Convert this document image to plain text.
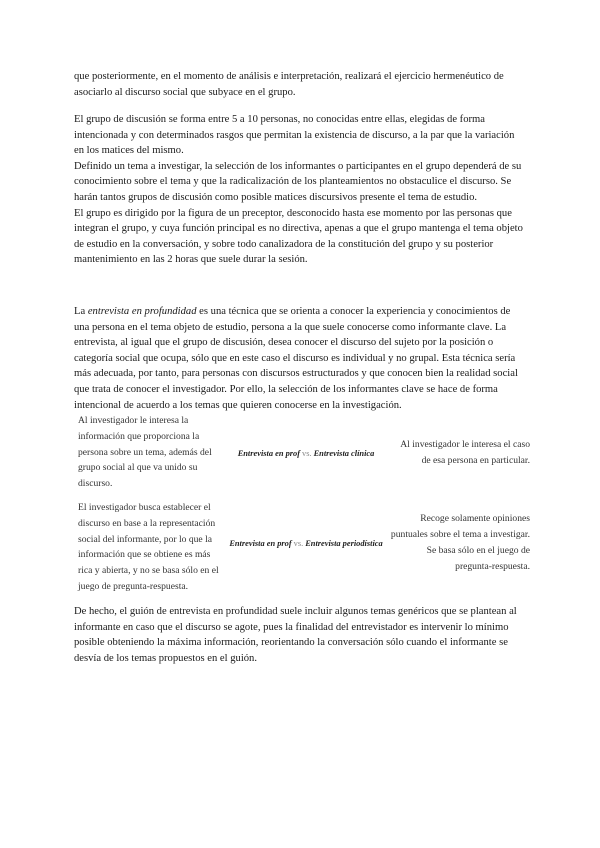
que posteriormente, en el momento de análisis e interpretación, realizará el ejercicio hermenéutico de asociarlo al discurso social que subyace en el grupo.

El grupo de discusión se forma entre 5 a 10 personas, no conocidas entre ellas, elegidas de forma intencionada y con determinados rasgos que permitan la existencia de discurso, a la par que la variación en los matices del mismo.

Definido un tema a investigar, la selección de los informantes o participantes en el grupo dependerá de su conocimiento sobre el tema y que la radicalización de los planteamientos no obstaculice el discurso. Se harán tantos grupos de discusión como posible matices discursivos presente el tema de estudio.

El grupo es dirigido por la figura de un preceptor, desconocido hasta ese momento por las personas que integran el grupo, y cuya función principal es no directiva, apenas a que el grupo mantenga el tema objeto de estudio en la conversación, y sobre todo canalizadora de la constitución del grupo y su posterior mantenimiento en las 2 horas que suele durar la sesión.

La entrevista en profundidad es una técnica que se orienta a conocer la experiencia y conocimientos de una persona en el tema objeto de estudio, persona a la que suele conocerse como informante clave. La entrevista, al igual que el grupo de discusión, desea conocer el discurso del sujeto por la posición o categoría social que ocupa, sólo que en este caso el discurso es individual y no grupal. Esta técnica sería más adecuada, por tanto, para personas con discursos estructurados y que conocen bien la realidad social que trata de conocer el investigador. Por ello, la selección de los informantes clave se hace de forma intencional de acuerdo a los temas que quieren conocerse en la investigación.

Al investigador le interesa la información que proporciona la persona sobre un tema, además del grupo social al que va unido su discurso.
Entrevista en prof vs. Entrevista clínica
Al investigador le interesa el caso de esa persona en particular.
El investigador busca establecer el discurso en base a la representación social del informante, por lo que la información que se obtiene es más rica y abierta, y no se basa sólo en el juego de pregunta-respuesta.
Entrevista en prof vs. Entrevista periodística
Recoge solamente opiniones puntuales sobre el tema a investigar. Se basa sólo en el juego de pregunta-respuesta.

De hecho, el guión de entrevista en profundidad suele incluir algunos temas genéricos que se plantean al informante en caso que el discurso se agote, pues la finalidad del entrevistador es intervenir lo mínimo posible obteniendo la máxima información, reorientando la conversación sólo cuando el informante se desvía de los temas propuestos en el guión.
